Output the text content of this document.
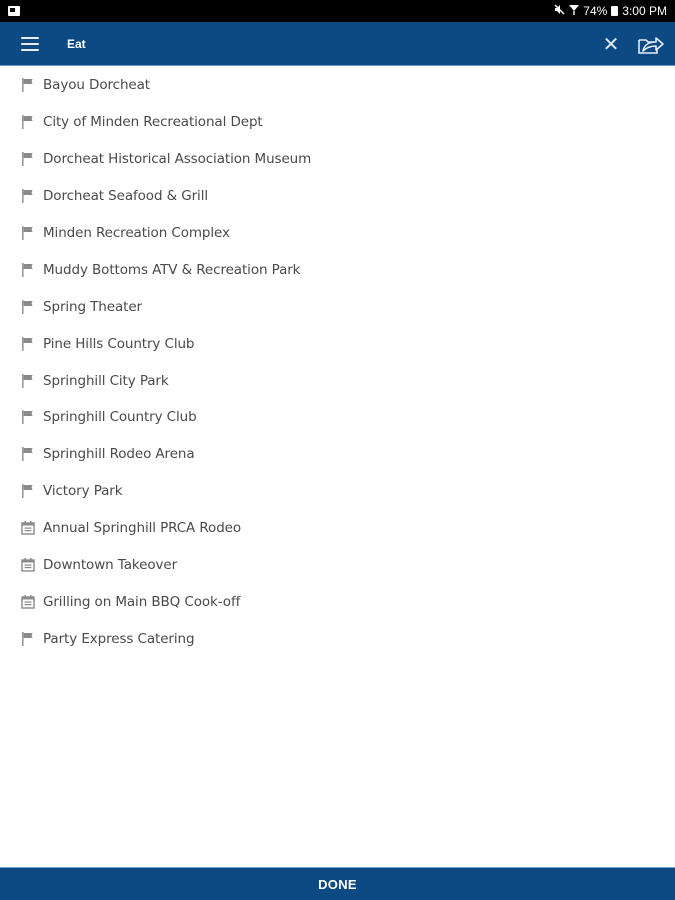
74% 3:00 PM
Eat
✕
Bayou Dorcheat
City of Minden Recreational Dept
Dorcheat Historical Association Museum
Dorcheat Seafood & Grill
Minden Recreation Complex
Muddy Bottoms ATV & Recreation Park
Spring Theater
Pine Hills Country Club
Springhill City Park
Springhill Country Club
Springhill Rodeo Arena
Victory Park
Annual Springhill PRCA Rodeo
Downtown Takeover
Grilling on Main BBQ Cook-off
Party Express Catering
DONE
